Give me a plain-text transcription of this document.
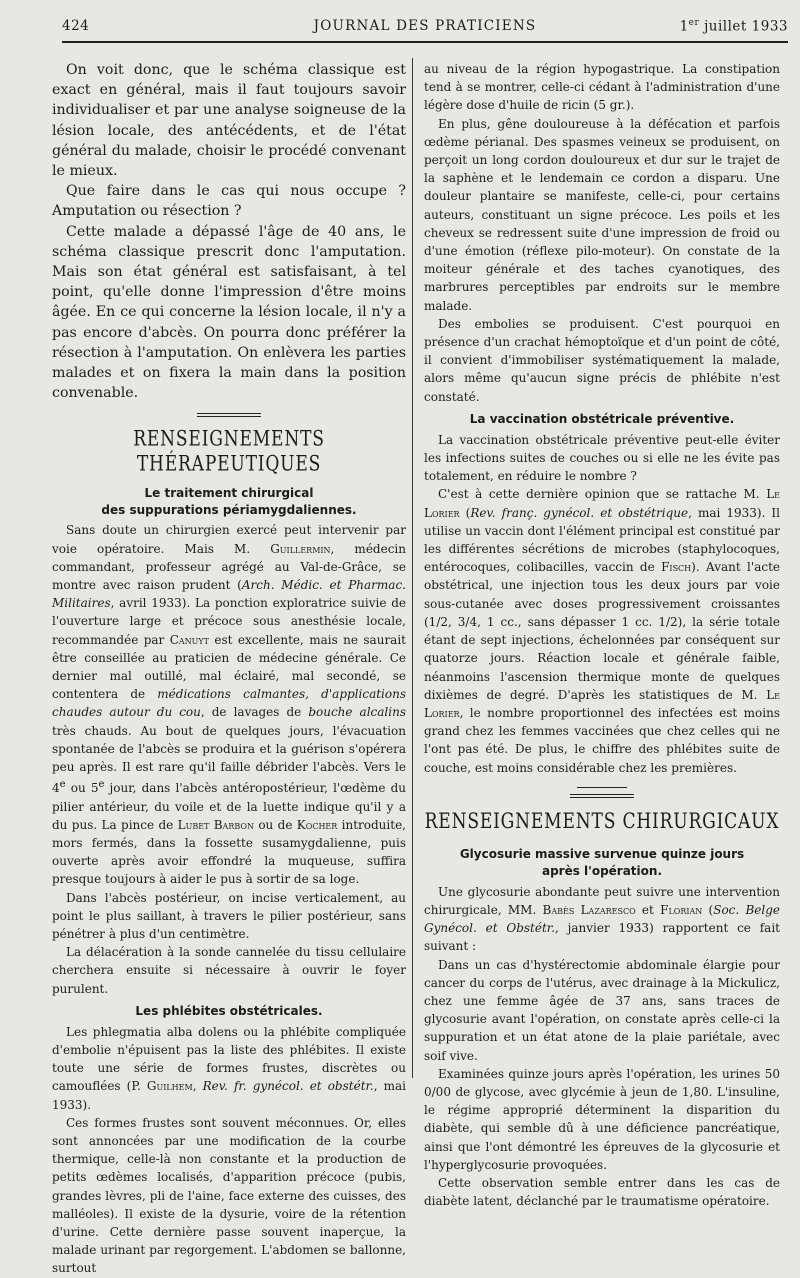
424	JOURNAL DES PRATICIENS	1er juillet 1933

On voit donc, que le schéma classique est exact en général, mais il faut toujours savoir individualiser et par une analyse soigneuse de la lésion locale, des antécédents, et de l'état général du malade, choisir le procédé convenant le mieux.

Que faire dans le cas qui nous occupe ? Amputation ou résection ?

Cette malade a dépassé l'âge de 40 ans, le schéma classique prescrit donc l'amputation. Mais son état général est satisfaisant, à tel point, qu'elle donne l'impression d'être moins âgée. En ce qui concerne la lésion locale, il n'y a pas encore d'abcès. On pourra donc préférer la résection à l'amputation. On enlèvera les parties malades et on fixera la main dans la position convenable.

RENSEIGNEMENTS THÉRAPEUTIQUES

Le traitement chirurgical
des suppurations périamygdaliennes.

Sans doute un chirurgien exercé peut intervenir par voie opératoire. Mais M. Guillermin, médecin commandant, professeur agrégé au Val-de-Grâce, se montre avec raison prudent (Arch. Médic. et Pharmac. Militaires, avril 1933). La ponction exploratrice suivie de l'ouverture large et précoce sous anesthésie locale, recommandée par Canuyt est excellente, mais ne saurait être conseillée au praticien de médecine générale. Ce dernier mal outillé, mal éclairé, mal secondé, se contentera de médications calmantes, d'applications chaudes autour du cou, de lavages de bouche alcalins très chauds. Au bout de quelques jours, l'évacuation spontanée de l'abcès se produira et la guérison s'opérera peu après. Il est rare qu'il faille débrider l'abcès. Vers le 4e ou 5e jour, dans l'abcès antéropostérieur, l'œdème du pilier antérieur, du voile et de la luette indique qu'il y a du pus. La pince de Lubet Barbon ou de Kocher introduite, mors fermés, dans la fossette susamygdalienne, puis ouverte après avoir effondré la muqueuse, suffira presque toujours à aider le pus à sortir de sa loge.

Dans l'abcès postérieur, on incise verticalement, au point le plus saillant, à travers le pilier postérieur, sans pénétrer à plus d'un centimètre.

La délacération à la sonde cannelée du tissu cellulaire cherchera ensuite si nécessaire à ouvrir le foyer purulent.

Les phlébites obstétricales.

Les phlegmatia alba dolens ou la phlébite compliquée d'embolie n'épuisent pas la liste des phlébites. Il existe toute une série de formes frustes, discrètes ou camouflées (P. Guilhem, Rev. fr. gynécol. et obstétr., mai 1933).

Ces formes frustes sont souvent méconnues. Or, elles sont annoncées par une modification de la courbe thermique, celle-là non constante et la production de petits œdèmes localisés, d'apparition précoce (pubis, grandes lèvres, pli de l'aine, face externe des cuisses, des malléoles). Il existe de la dysurie, voire de la rétention d'urine. Cette dernière passe souvent inaperçue, la malade urinant par regorgement. L'abdomen se ballonne, surtout

au niveau de la région hypogastrique. La constipation tend à se montrer, celle-ci cédant à l'administration d'une légère dose d'huile de ricin (5 gr.).

En plus, gêne douloureuse à la défécation et parfois œdème périanal. Des spasmes veineux se produisent, on perçoit un long cordon douloureux et dur sur le trajet de la saphène et le lendemain ce cordon a disparu. Une douleur plantaire se manifeste, celle-ci, pour certains auteurs, constituant un signe précoce. Les poils et les cheveux se redressent suite d'une impression de froid ou d'une émotion (réflexe pilo-moteur). On constate de la moiteur générale et des taches cyanotiques, des marbrures perceptibles par endroits sur le membre malade.

Des embolies se produisent. C'est pourquoi en présence d'un crachat hémoptoïque et d'un point de côté, il convient d'immobiliser systématiquement la malade, alors même qu'aucun signe précis de phlébite n'est constaté.

La vaccination obstétricale préventive.

La vaccination obstétricale préventive peut-elle éviter les infections suites de couches ou si elle ne les évite pas totalement, en réduire le nombre ?

C'est à cette dernière opinion que se rattache M. Le Lorier (Rev. franç. gynécol. et obstétrique, mai 1933). Il utilise un vaccin dont l'élément principal est constitué par les différentes sécrétions de microbes (staphylocoques, entérocoques, colibacilles, vaccin de Fisch). Avant l'acte obstétrical, une injection tous les deux jours par voie sous-cutanée avec doses progressivement croissantes (1/2, 3/4, 1 cc., sans dépasser 1 cc. 1/2), la série totale étant de sept injections, échelonnées par conséquent sur quatorze jours. Réaction locale et générale faible, néanmoins l'ascension thermique monte de quelques dixièmes de degré. D'après les statistiques de M. Le Lorier, le nombre proportionnel des infectées est moins grand chez les femmes vaccinées que chez celles qui ne l'ont pas été. De plus, le chiffre des phlébites suite de couche, est moins considérable chez les premières.

RENSEIGNEMENTS CHIRURGICAUX

Glycosurie massive survenue quinze jours
après l'opération.

Une glycosurie abondante peut suivre une intervention chirurgicale, MM. Babès Lazaresco et Florian (Soc. Belge Gynécol. et Obstétr., janvier 1933) rapportent ce fait suivant :

Dans un cas d'hystérectomie abdominale élargie pour cancer du corps de l'utérus, avec drainage à la Mickulicz, chez une femme âgée de 37 ans, sans traces de glycosurie avant l'opération, on constate après celle-ci la suppuration et un état atone de la plaie pariétale, avec soif vive.

Examinées quinze jours après l'opération, les urines 50 0/00 de glycose, avec glycémie à jeun de 1,80. L'insuline, le régime approprié déterminent la disparition du diabète, qui semble dû à une déficience pancréatique, ainsi que l'ont démontré les épreuves de la glycosurie et l'hyperglycosurie provoquées.

Cette observation semble entrer dans les cas de diabète latent, déclanché par le traumatisme opératoire.
